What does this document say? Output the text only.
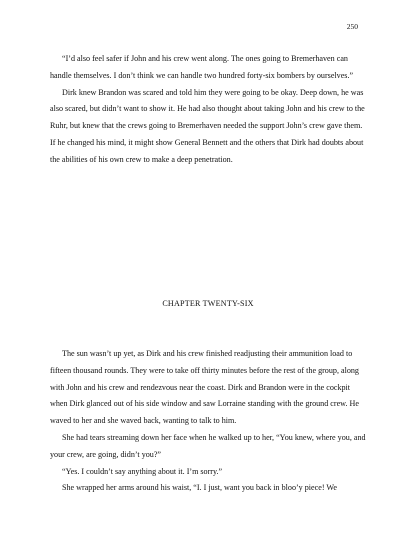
250

“I’d also feel safer if John and his crew went along. The ones going to Bremerhaven can handle themselves. I don’t think we can handle two hundred forty-six bombers by ourselves.”

Dirk knew Brandon was scared and told him they were going to be okay. Deep down, he was also scared, but didn’t want to show it. He had also thought about taking John and his crew to the Ruhr, but knew that the crews going to Bremerhaven needed the support John’s crew gave them. If he changed his mind, it might show General Bennett and the others that Dirk had doubts about the abilities of his own crew to make a deep penetration.

CHAPTER TWENTY-SIX

The sun wasn’t up yet, as Dirk and his crew finished readjusting their ammunition load to fifteen thousand rounds. They were to take off thirty minutes before the rest of the group, along with John and his crew and rendezvous near the coast. Dirk and Brandon were in the cockpit when Dirk glanced out of his side window and saw Lorraine standing with the ground crew. He waved to her and she waved back, wanting to talk to him.

She had tears streaming down her face when he walked up to her, “You knew, where you, and your crew, are going, didn’t you?”

“Yes. I couldn’t say anything about it. I’m sorry.”

She wrapped her arms around his waist, “I. I just, want you back in bloo’y piece! We
